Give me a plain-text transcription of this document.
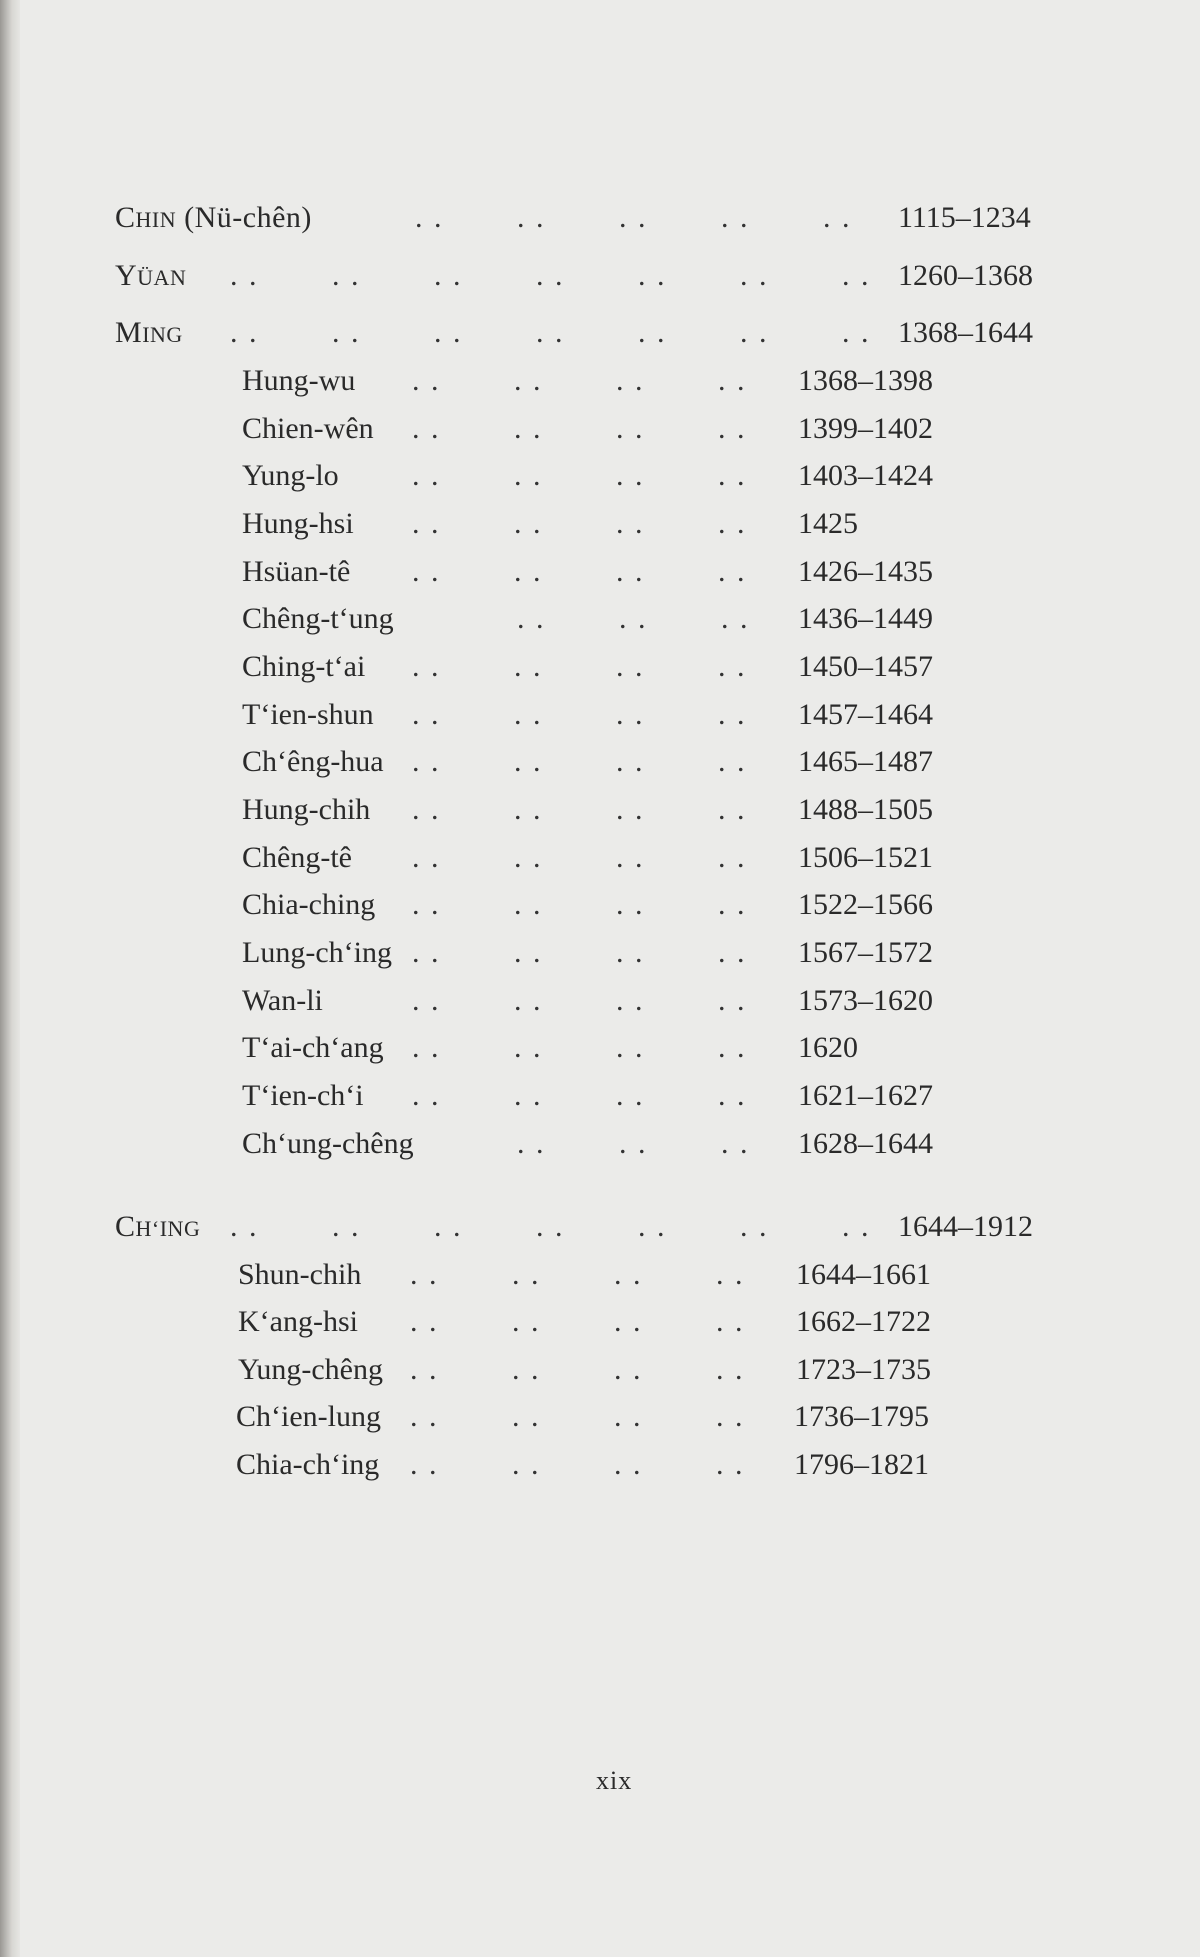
CHIN (Nü-chên)	. .   . .   . .   . .   . . 1115–1234
YÜAN . .   . .   . .   . .   . .   . .   . . 1260–1368
MING . .   . .   . .   . .   . .   . .   . . 1368–1644
Hung-wu	1368–1398
Chien-wên	1399–1402
Yung-lo	1403–1424
Hung-hsi	1425
Hsüan-tê	1426–1435
Chêng-t‘ung	1436–1449
Ching-t‘ai	1450–1457
T‘ien-shun	1457–1464
Ch‘êng-hua	1465–1487
Hung-chih	1488–1505
Chêng-tê	1506–1521
Chia-ching	1522–1566
Lung-ch‘ing	1567–1572
Wan-li	1573–1620
T‘ai-ch‘ang	1620
T‘ien-ch‘i	1621–1627
Ch‘ung-chêng	1628–1644
. .   . .   . .   . .
. .   . .   . .   . .
. .   . .   . .   . .
. .   . .   . .   . .
. .   . .   . .   . .
. .   . .   . .
. .   . .   . .   . .
. .   . .   . .   . .
. .   . .   . .   . .
. .   . .   . .   . .
. .   . .   . .   . .
. .   . .   . .   . .
. .   . .   . .   . .
. .   . .   . .   . .
. .   . .   . .   . .
. .   . .   . .   . .
. .   . .   . .
CH‘ING . .   . .   . .   . .   . .   . .   . . 1644–1912
Shun-chih	1644–1661
. .   . .   . .   . .
K‘ang-hsi	1662–1722
. .   . .   . .   . .
Yung-chêng	1723–1735
. .   . .   . .   . .
Ch‘ien-lung	1736–1795
. .   . .   . .   . .
Chia-ch‘ing	1796–1821
. .   . .   . .   . .
xix
